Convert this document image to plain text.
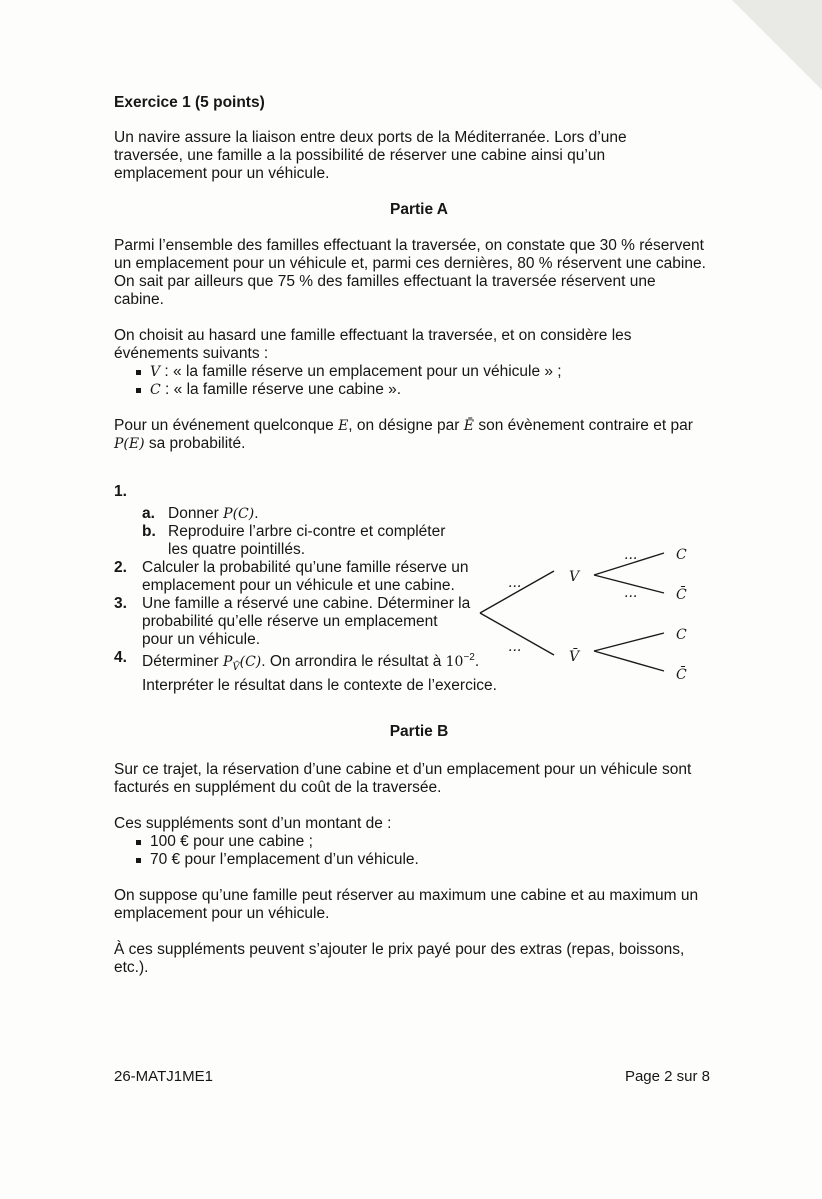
Exercice 1 (5 points)

Un navire assure la liaison entre deux ports de la Méditerranée. Lors d’une traversée, une famille a la possibilité de réserver une cabine ainsi qu’un emplacement pour un véhicule.

Partie A

Parmi l’ensemble des familles effectuant la traversée, on constate que 30 % réservent un emplacement pour un véhicule et, parmi ces dernières, 80 % réservent une cabine.

On sait par ailleurs que 75 % des familles effectuant la traversée réservent une cabine.

On choisit au hasard une famille effectuant la traversée, et on considère les événements suivants :

V : « la famille réserve un emplacement pour un véhicule » ;
C : « la famille réserve une cabine ».

Pour un événement quelconque E, on désigne par Ē son évènement contraire et par
P(E) sa probabilité.

1.
a. Donner P(C).
b. Reproduire l’arbre ci-contre et compléter les quatre pointillés.
2. Calculer la probabilité qu’une famille réserve un emplacement pour un véhicule et une cabine.
3. Une famille a réservé une cabine. Déterminer la probabilité qu’elle réserve un emplacement pour un véhicule.
4. Déterminer $P_{V̄}(C)$. On arrondira le résultat à $10^{-2}$.
Interpréter le résultat dans le contexte de l’exercice.
Partie B

Sur ce trajet, la réservation d’une cabine et d’un emplacement pour un véhicule sont facturés en supplément du coût de la traversée.

Ces suppléments sont d’un montant de :

100 € pour une cabine ;
70 € pour l’emplacement d’un véhicule.

On suppose qu’une famille peut réserver au maximum une cabine et au maximum un emplacement pour un véhicule.

À ces suppléments peuvent s’ajouter le prix payé pour des extras (repas, boissons, etc.).

...
...
...
...
V
V̄
C
C̄
C
C̄
26-MATJ1ME1	Page 2 sur 8
